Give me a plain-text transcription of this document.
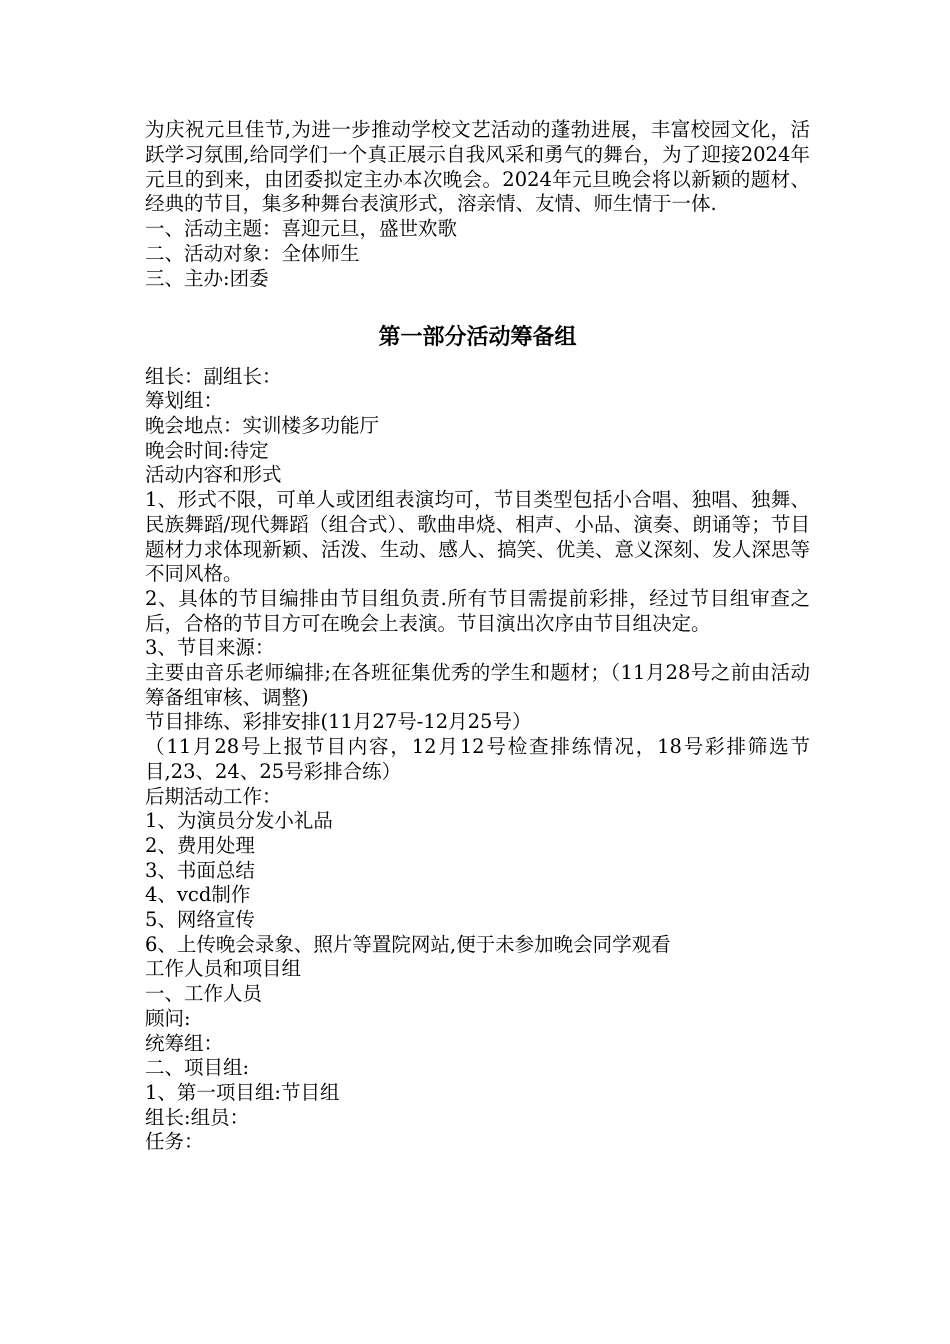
为庆祝元旦佳节,为进一步推动学校文艺活动的蓬勃进展，丰富校园文化，活跃学习氛围,给同学们一个真正展示自我风采和勇气的舞台，为了迎接2024年元旦的到来，由团委拟定主办本次晚会。2024年元旦晚会将以新颖的题材、经典的节目，集多种舞台表演形式，溶亲情、友情、师生情于一体.

一、活动主题：喜迎元旦，盛世欢歌

二、活动对象：全体师生

三、主办:团委

第一部分活动筹备组

组长：副组长：

筹划组：

晚会地点：实训楼多功能厅

晚会时间:待定

活动内容和形式

1、形式不限，可单人或团组表演均可，节目类型包括小合唱、独唱、独舞、民族舞蹈/现代舞蹈（组合式）、歌曲串烧、相声、小品、演奏、朗诵等；节目题材力求体现新颖、活泼、生动、感人、搞笑、优美、意义深刻、发人深思等不同风格。

2、具体的节目编排由节目组负责.所有节目需提前彩排，经过节目组审查之后，合格的节目方可在晚会上表演。节目演出次序由节目组决定。

3、节目来源：

主要由音乐老师编排;在各班征集优秀的学生和题材；（11月28号之前由活动筹备组审核、调整)

节目排练、彩排安排(11月27号-12月25号）

（11月28号上报节目内容，12月12号检查排练情况，18号彩排筛选节目,23、24、25号彩排合练）

后期活动工作：

1、为演员分发小礼品

2、费用处理

3、书面总结

4、vcd制作

5、网络宣传

6、上传晚会录象、照片等置院网站,便于未参加晚会同学观看

工作人员和项目组

一、工作人员

顾问:

统筹组：

二、项目组:

1、第一项目组:节目组

组长:组员：

任务：
